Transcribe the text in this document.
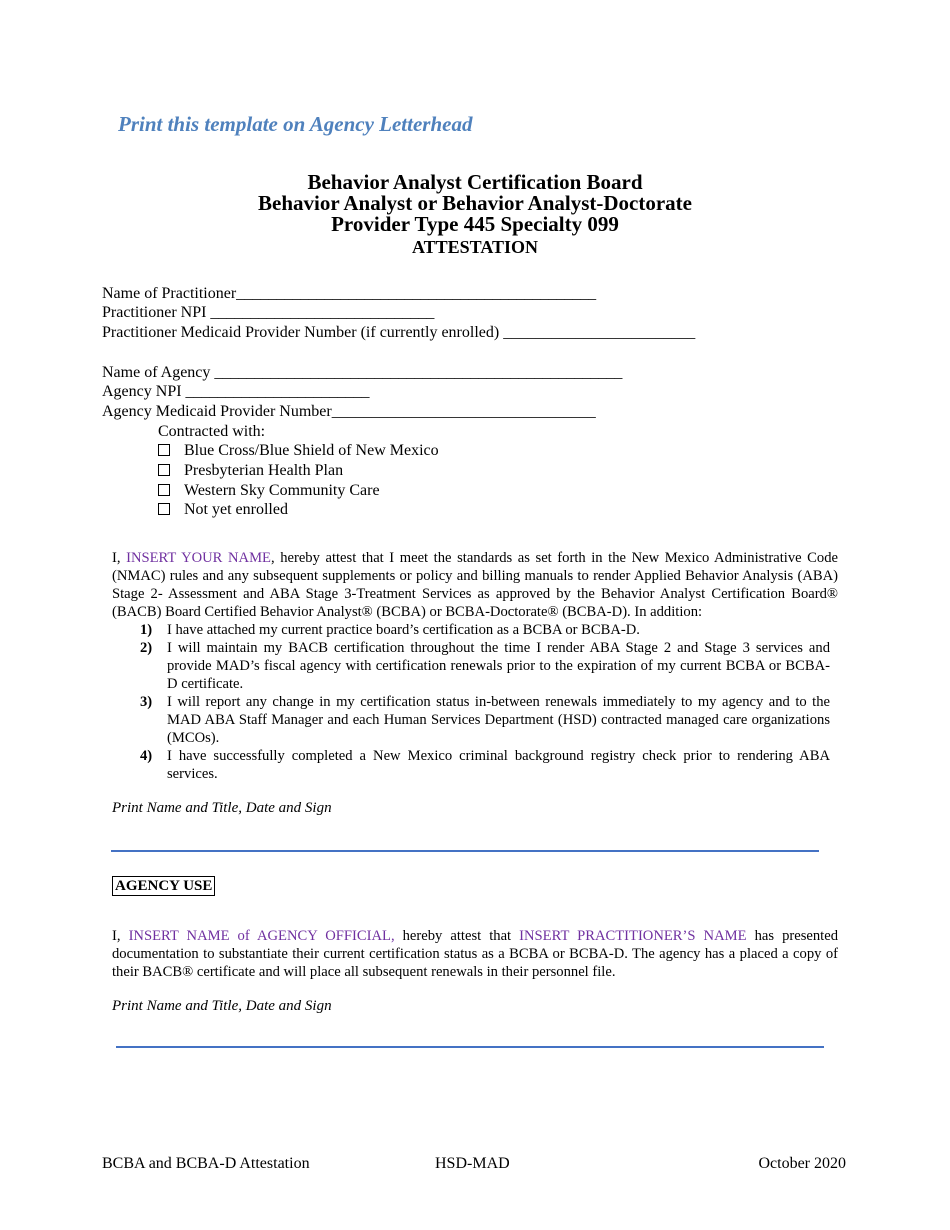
Print this template on Agency Letterhead
Behavior Analyst Certification Board
Behavior Analyst or Behavior Analyst-Doctorate
Provider Type 445 Specialty 099
ATTESTATION
Name of Practitioner_____________________________________________
Practitioner NPI ____________________________
Practitioner Medicaid Provider Number (if currently enrolled) ________________________
Name of Agency ___________________________________________________
Agency NPI _______________________
Agency Medicaid Provider Number_________________________________
Contracted with:
Blue Cross/Blue Shield of New Mexico
Presbyterian Health Plan
Western Sky Community Care
Not yet enrolled
I, INSERT YOUR NAME, hereby attest that I meet the standards as set forth in the New Mexico Administrative Code (NMAC) rules and any subsequent supplements or policy and billing manuals to render Applied Behavior Analysis (ABA) Stage 2- Assessment and ABA Stage 3-Treatment Services as approved by the Behavior Analyst Certification Board® (BACB) Board Certified Behavior Analyst® (BCBA) or BCBA-Doctorate® (BCBA-D). In addition:
1)	I have attached my current practice board’s certification as a BCBA or BCBA-D.
2)	I will maintain my BACB certification throughout the time I render ABA Stage 2 and Stage 3 services and provide MAD’s fiscal agency with certification renewals prior to the expiration of my current BCBA or BCBA-D certificate.
3)	I will report any change in my certification status in-between renewals immediately to my agency and to the MAD ABA Staff Manager and each Human Services Department (HSD) contracted managed care organizations (MCOs).
4)	I have successfully completed a New Mexico criminal background registry check prior to rendering ABA services.
Print Name and Title, Date and Sign
AGENCY USE
I, INSERT NAME of AGENCY OFFICIAL, hereby attest that INSERT PRACTITIONER’S NAME has presented documentation to substantiate their current certification status as a BCBA or BCBA-D. The agency has a placed a copy of their BACB® certificate and will place all subsequent renewals in their personnel file.
Print Name and Title, Date and Sign
BCBA and BCBA-D Attestation	HSD-MAD	October 2020
